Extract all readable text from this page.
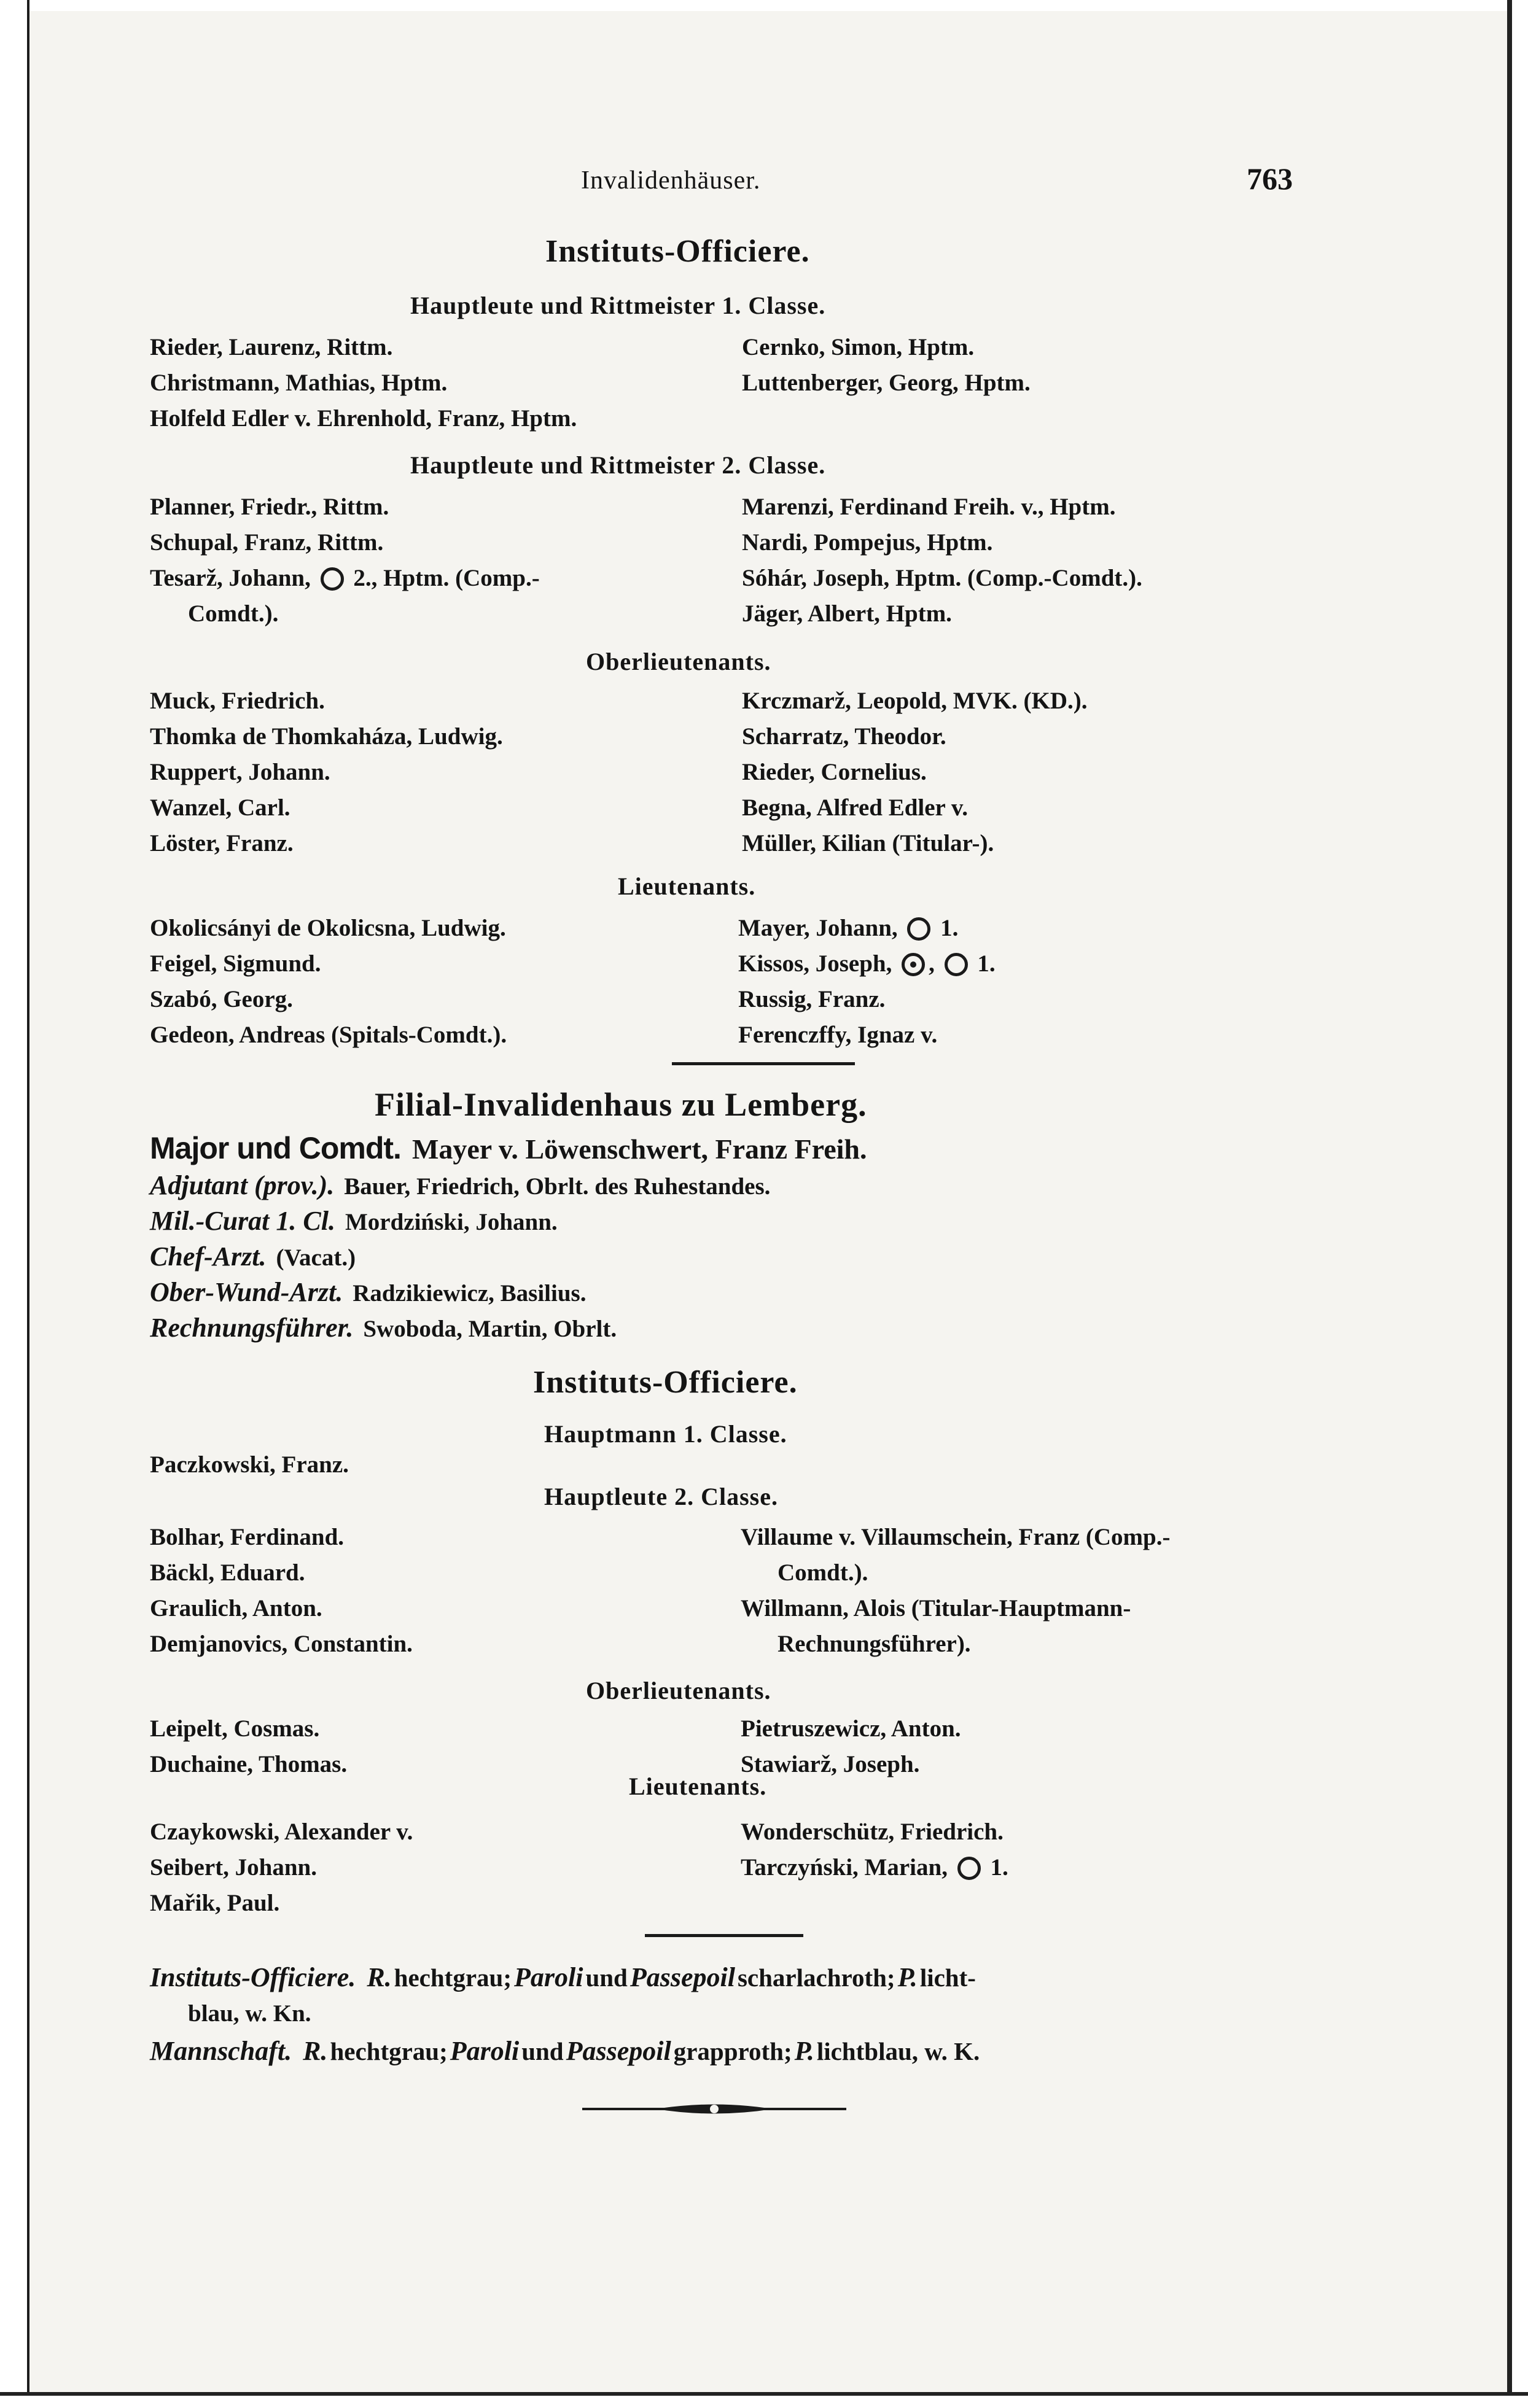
Invalidenhäuser.	763
Instituts-Officiere.
Hauptleute und Rittmeister 1. Classe.
Rieder, Laurenz, Rittm.
Christmann, Mathias, Hptm.
Holfeld Edler v. Ehrenhold, Franz, Hptm.
Cernko, Simon, Hptm.
Luttenberger, Georg, Hptm.
Hauptleute und Rittmeister 2. Classe.
Planner, Friedr., Rittm.
Schupal, Franz, Rittm.
Tesarž, Johann, 2., Hptm. (Comp.-
Comdt.).
Marenzi, Ferdinand Freih. v., Hptm.
Nardi, Pompejus, Hptm.
Sóhár, Joseph, Hptm. (Comp.-Comdt.).
Jäger, Albert, Hptm.
Oberlieutenants.
Muck, Friedrich.
Thomka de Thomkaháza, Ludwig.
Ruppert, Johann.
Wanzel, Carl.
Löster, Franz.
Krczmarž, Leopold, MVK. (KD.).
Scharratz, Theodor.
Rieder, Cornelius.
Begna, Alfred Edler v.
Müller, Kilian (Titular-).
Lieutenants.
Okolicsányi de Okolicsna, Ludwig.
Feigel, Sigmund.
Szabó, Georg.
Gedeon, Andreas (Spitals-Comdt.).
Mayer, Johann, 1.
Kissos, Joseph, ,  1.
Russig, Franz.
Ferenczffy, Ignaz v.
Filial-Invalidenhaus zu Lemberg.
Major und Comdt. Mayer v. Löwenschwert, Franz Freih.
Adjutant (prov.). Bauer, Friedrich, Obrlt. des Ruhestandes.
Mil.-Curat 1. Cl. Mordziński, Johann.
Chef-Arzt. (Vacat.)
Ober-Wund-Arzt. Radzikiewicz, Basilius.
Rechnungsführer. Swoboda, Martin, Obrlt.
Instituts-Officiere.
Hauptmann 1. Classe.
Paczkowski, Franz.
Hauptleute 2. Classe.
Bolhar, Ferdinand.
Bäckl, Eduard.
Graulich, Anton.
Demjanovics, Constantin.
Villaume v. Villaumschein, Franz (Comp.-
Comdt.).
Willmann, Alois (Titular-Hauptmann-
Rechnungsführer).
Oberlieutenants.
Leipelt, Cosmas.
Duchaine, Thomas.
Pietruszewicz, Anton.
Stawiarž, Joseph.
Lieutenants.
Czaykowski, Alexander v.
Seibert, Johann.
Mařik, Paul.
Wonderschütz, Friedrich.
Tarczyński, Marian, 1.
Instituts-Officiere. R. hechtgrau; Paroli und Passepoil scharlachroth; P. licht-
blau, w. Kn.
Mannschaft. R. hechtgrau; Paroli und Passepoil grapproth; P. lichtblau, w. K.
